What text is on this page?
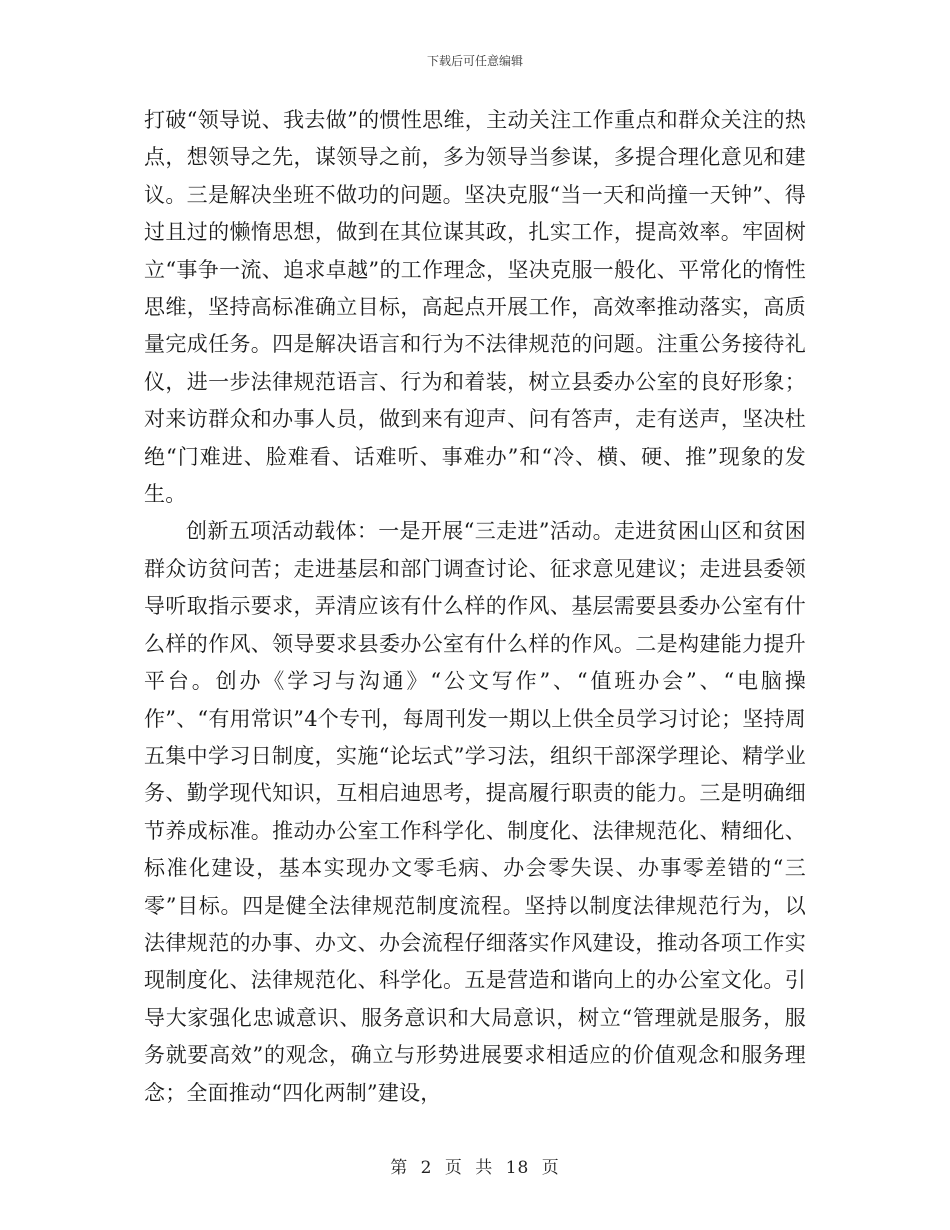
下载后可任意编辑

打破“领导说、我去做”的惯性思维，主动关注工作重点和群众关注的热点，想领导之先，谋领导之前，多为领导当参谋，多提合理化意见和建议。三是解决坐班不做功的问题。坚决克服“当一天和尚撞一天钟”、得过且过的懒惰思想，做到在其位谋其政，扎实工作，提高效率。牢固树立“事争一流、追求卓越”的工作理念，坚决克服一般化、平常化的惰性思维，坚持高标准确立目标，高起点开展工作，高效率推动落实，高质量完成任务。四是解决语言和行为不法律规范的问题。注重公务接待礼仪，进一步法律规范语言、行为和着装，树立县委办公室的良好形象；对来访群众和办事人员，做到来有迎声、问有答声，走有送声，坚决杜绝“门难进、脸难看、话难听、事难办”和“冷、横、硬、推”现象的发生。

创新五项活动载体：一是开展“三走进”活动。走进贫困山区和贫困群众访贫问苦；走进基层和部门调查讨论、征求意见建议；走进县委领导听取指示要求，弄清应该有什么样的作风、基层需要县委办公室有什么样的作风、领导要求县委办公室有什么样的作风。二是构建能力提升平台。创办《学习与沟通》“公文写作”、“值班办会”、“电脑操作”、“有用常识”4个专刊，每周刊发一期以上供全员学习讨论；坚持周五集中学习日制度，实施“论坛式”学习法，组织干部深学理论、精学业务、勤学现代知识，互相启迪思考，提高履行职责的能力。三是明确细节养成标准。推动办公室工作科学化、制度化、法律规范化、精细化、标准化建设，基本实现办文零毛病、办会零失误、办事零差错的“三零”目标。四是健全法律规范制度流程。坚持以制度法律规范行为，以法律规范的办事、办文、办会流程仔细落实作风建设，推动各项工作实现制度化、法律规范化、科学化。五是营造和谐向上的办公室文化。引导大家强化忠诚意识、服务意识和大局意识，树立“管理就是服务，服务就要高效”的观念，确立与形势进展要求相适应的价值观念和服务理念；全面推动“四化两制”建设，

第 2 页 共 18 页
